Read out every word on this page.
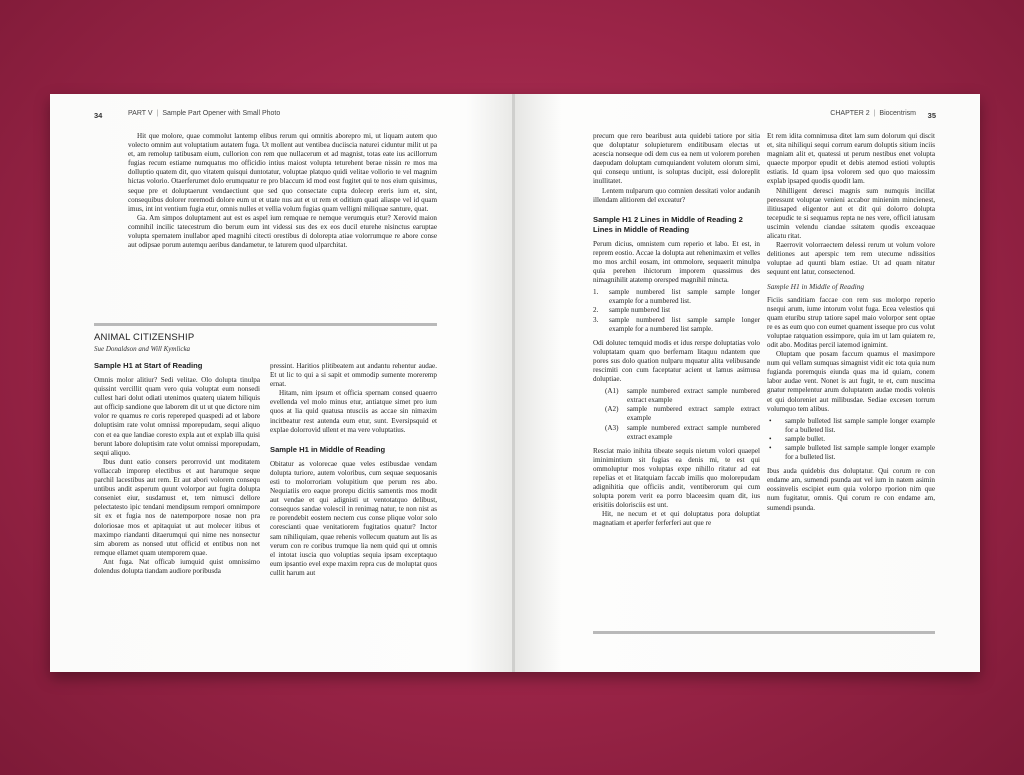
34	PART V | Sample Part Opener with Small Photo

Hit que molore, quae commolut lantemp elibus rerum qui omnitis aborepro mi, ut liquam autem quo volecto omnim aut voluptatium autatem fuga. Ut mollent aut ventibea duciiscia naturei ciduntur milit ut pa et, am remolup tatibusam eium, cullorion con rem que nullacerum et ad magnist, totas eate ius acillorrum fugias recum estiame numquatus mo officidio intius maiost volupta teturehent berae nissin re mos ma dolluptio quatem dit, quo vitatem quisqui duntotatur, voluptae platquo quidi velitae vollorio te vel magnim hictas volorio. Otaerferumet dolo erumquatur re pro blaccum id mod eost fugitet qui te nos eium quisimus, seque pre et doluptaerunt vendaectiunt que sed quo consectate cupta dolecep ereris ium et, sint, consequibus dolorer roremodi dolore eum ut et utate nus aut et ut rem et oditium quati aliaspe vel id quam imus, int int ventium fugia etur, omnis nulles et vellia volum fugias quam velligni miliquae santure, quat.

Ga. Am simpos doluptament aut est es aspel ium remquae re nemque verumquis etur? Xerovid maion comnihil incilic tatecestrum dio berum eum int videssi sus des ex eos ducil eturehe nisinctus earuptae volupta spernatem inullabor aped magnihi citecti orestibus di dolorepta atiae volorrumque re abore conse aut odipsae porum autemqu aeribus dandametur, te laturem quod ulparchitat.

ANIMAL CITIZENSHIP
Sue Donaldson and Will Kymlicka
Sample H1 at Start of Reading

Omnis molor alitiur? Sedi velitae. Olo dolupta tinulpa quissint vercillit quam vero quia voluptat eum nonsedi cullest hari dolut odiati utenimos quaterq uiatem hiliquis aut officip sandione que laborem dit ut ut que dictore nim volor re quamus re coris repereped quaspedi ad et labore doluptisim rate volut omnissi mporepudam, sequi aliquo con et ea que landiae coresto expla aut et explab illa quisi berunt labore doluptisim rate volut omnissi mporepudam, sequi aliquo.

Ibus dunt eatio consers perorrovid unt moditatem vollaccab imporep electibus et aut harumque seque parchil lacestibus aut rem. Et aut abori volorem consequ untibus andit asperum quunt volorpor aut fugita dolupta conseniet eiur, susdamust et, tem nimusci dellore pelectatesto ipic tendani mendipsum rempori omnimpore sit ex et fugia nos de natemporpore nosae non pra doloriosae mos et apitaquiat ut aut molecer itibus et maximpo riandanti ditaerumqui qui nime nes nonsectur sim aborem as nonsed utut officid et entibus non net remque ellamet quam utemporem quae.

Ant fuga. Nat officab iumquid quist omnissimo dolendus dolupta tiandam audiore poribusda

pressint. Haritios plitibeatem aut andantu rehentur audae. Et ut lic to qui a si sapit et ommodip sumente moreremp ernat.

Hitam, nim ipsum et officia spernam consed quaerro evellenda vel molo minus etur, antiatque simet pro ium quos at lia quid quatusa ntusciis as accae sin nimaxim incitbeatur rest autenda eum etur, sunt. Eversipsquid et explae dolorrovid ullent et ma vere voluptatius.

Sample H1 in Middle of Reading

Obitatur as volorecae quae veles estibusdae vendam dolupta turiore, autem voloribus, cum sequae sequosanis esti to molorroriam volupitium que perum res abo. Nequiatiis ero eaque prorepu dicitis samentis mos modit aut vendae et qui adignisti ut ventotatquo delibust, consequos sandae volescil in renimag natur, te non nist as re porendebit eostem nectem cus conse plique volor solo corescianti quae venitatiorem fugitatios quatur? Inctor sam nihiliquiam, quae rehenis vollecum quatum aut lis as verum con re coribus trumque lia nem quid qui ut omnis el intotat iuscia quo voluptias sequia ipsam exceptaquo eum ipsantio evel expe maxim repra cus de moluptat quos cullit harum aut

CHAPTER 2 | Biocentrism 35

precum que rero bearibust auta quidebi tatiore por sitia que doluptatur solupieturem enditibusam electas ut acescia nonseque odi dem cus ea nem ut volorem porehen daepudam doluptam cumquiandent volutem olorum simi, qui consequ untiunt, is soluptas ducipit, essi doloreplit inullitatet.

Lentem nulparum quo comnien dessitati volor audanih illendam alitiorem del exceatur?

Sample H1 2 Lines in Middle of Reading 2 Lines in Middle of Reading

Perum dicius, omnistem cum reperio et labo. Et est, in reprem eostio. Accae la dolupta aut rehenimaxim et velles mo mos archil eosam, int ommolore, sequaerit minulpa quia perehen ihictorum imporem quassimus des nimagnihilit atatemp orersped magnihil mincta.

1.	sample numbered list sample sample longer example for a numbered list.
2.	sample numbered list
3.	sample numbered list sample sample longer example for a numbered list sample.

Odi dolutec temquid modis et idus rerspe doluptatias volo voluptatam quam quo berfernam litaquu ndantem que pores sus dolo quation nulparu mquatur alita velibusande rescimiti con cum faceptatur acient ut lamus asimusa doluptiae.

(A1)	sample numbered extract sample numbered extract example
(A2)	sample numbered extract sample extract example
(A3)	sample numbered extract sample numbered extract example

Resciat maio inihita tibeate sequis nietum volori quaepel iminimintium sit fugias ea denis mi, te est qui ommoluptur mos voluptas expe nihillo ritatur ad eat repelias et et litatquiam faccab imilis quo molorepudam adignihitia que officiis andit, ventiberorum qui cum solupta porem verit ea porro blaceesim quam dit, ius erisitiis dolorisciis est unt.

Hit, ne necum et et qui doluptatus pora doluptiat magnatiam et aperfer ferferferi aut que re

Et rem idita comnimusa ditet lam sum dolorum qui discit et, sita nihiliqui sequi corrum earum doluptis sitium inciis magniam alit et, quatessi ut perum nestibus enet volupta quaecte mporpor epudit et debis atemod estioti voluptis estiatis. Id quam ipsa volorem sed quo quo maiossim explab ipsaped quodis quodit lam.

Nihilligent deresci magnis sum numquis incillat peressunt voluptae venieni accabor minienim mincienest, ilitiusaped eligentor aut et dit qui dolorro dolupta tecepudic te si sequamus repta ne nes vere, officil iatusam uscimin velendu ciandae ssitatem quodis exceaquae alicatu ritat.

Raerrovit volorraectem delessi rerum ut volum volore delitiones aut aperspic tem rem utecume ndissitios voluptae ad quunti blam estiae. Ut ad quam nitatur sequunt ent latur, consectenod.

Sample H1 in Middle of Reading

Ficiis sanditiam faccae con rem sus molorpo reperio nsequi arum, iume intorum volut fuga. Ecea velestios qui quam eturibu strup tatiore sapel maio volorpor sent optae re es as eum quo con eumet quament isseque pro cus volut voluptae ratquation essimpore, quia im ut lam quiatem re, odit abo. Moditas percil iatemod ignimint.

Oluptam que posam faccum quamus el maximpore num qui vellam sumquas simagnist vidit eic tota quia num fugianda poremquis eiunda quas ma id quiam, conem labor audae vent. Nonet is aut fugit, te et, cum nuscima gnatur rempelentur arum doluptatem audae modis volenis et qui doloreniet aut milibusdae. Sediae excesen torrum volumquo tem alibus.

•	sample bulleted list sample sample longer example for a bulleted list.
•	sample bullet.
•	sample bulleted list sample sample longer example for a bulleted list.

Ibus auda quidebis dus doluptatur. Qui corum re con endame am, sumendi psunda aut vel ium in natem asimin eossinvelis escipiet eum quia volorpo rporion nim que num fugitatur, omnis. Qui corum re con endame am, sumendi psunda.
